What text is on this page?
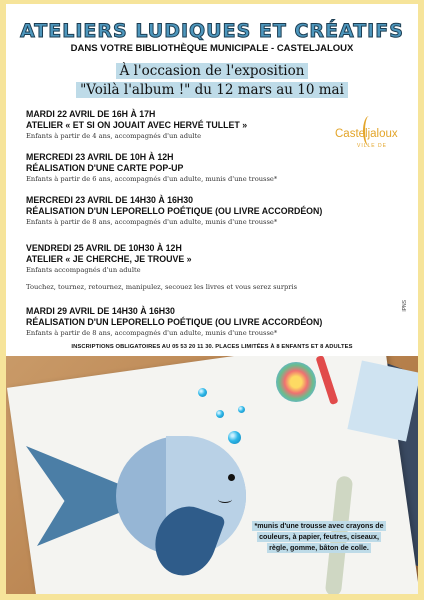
ATELIERS LUDIQUES ET CRÉATIFS
DANS VOTRE BIBLIOTHÈQUE MUNICIPALE - CASTELJALOUX
À l'occasion de l'exposition
"Voilà l'album !" du 12 mars au 10 mai
Casteljaloux
VILLE DE
MARDI 22 AVRIL DE 16H À 17H
ATELIER « ET SI ON JOUAIT AVEC HERVÉ TULLET »
Enfants à partir de 4 ans, accompagnés d'un adulte
MERCREDI 23 AVRIL DE 10H À 12H
RÉALISATION D'UNE CARTE POP-UP
Enfants à partir de 6 ans, accompagnés d'un adulte, munis d'une trousse*
MERCREDI 23 AVRIL DE 14H30 À 16H30
RÉALISATION D'UN LEPORELLO POÉTIQUE (OU LIVRE ACCORDÉON)
Enfants à partir de 8 ans, accompagnés d'un adulte, munis d'une trousse*
VENDREDI 25 AVRIL DE 10H30 À 12H
ATELIER « JE CHERCHE, JE TROUVE »
Enfants accompagnés d'un adulte
Touchez, tournez, retournez, manipulez, secouez les livres et vous serez surpris
MARDI 29 AVRIL DE 14H30 À 16H30
RÉALISATION D'UN LEPORELLO POÉTIQUE (OU LIVRE ACCORDÉON)
Enfants à partir de 8 ans, accompagnés d'un adulte, munis d'une trousse*
IPNS
INSCRIPTIONS OBLIGATOIRES AU 05 53 20 11 30. PLACES LIMITÉES À 8 ENFANTS ET 8 ADULTES
*munis d'une trousse avec crayons de
couleurs, à papier, feutres, ciseaux,
règle, gomme, bâton de colle.
